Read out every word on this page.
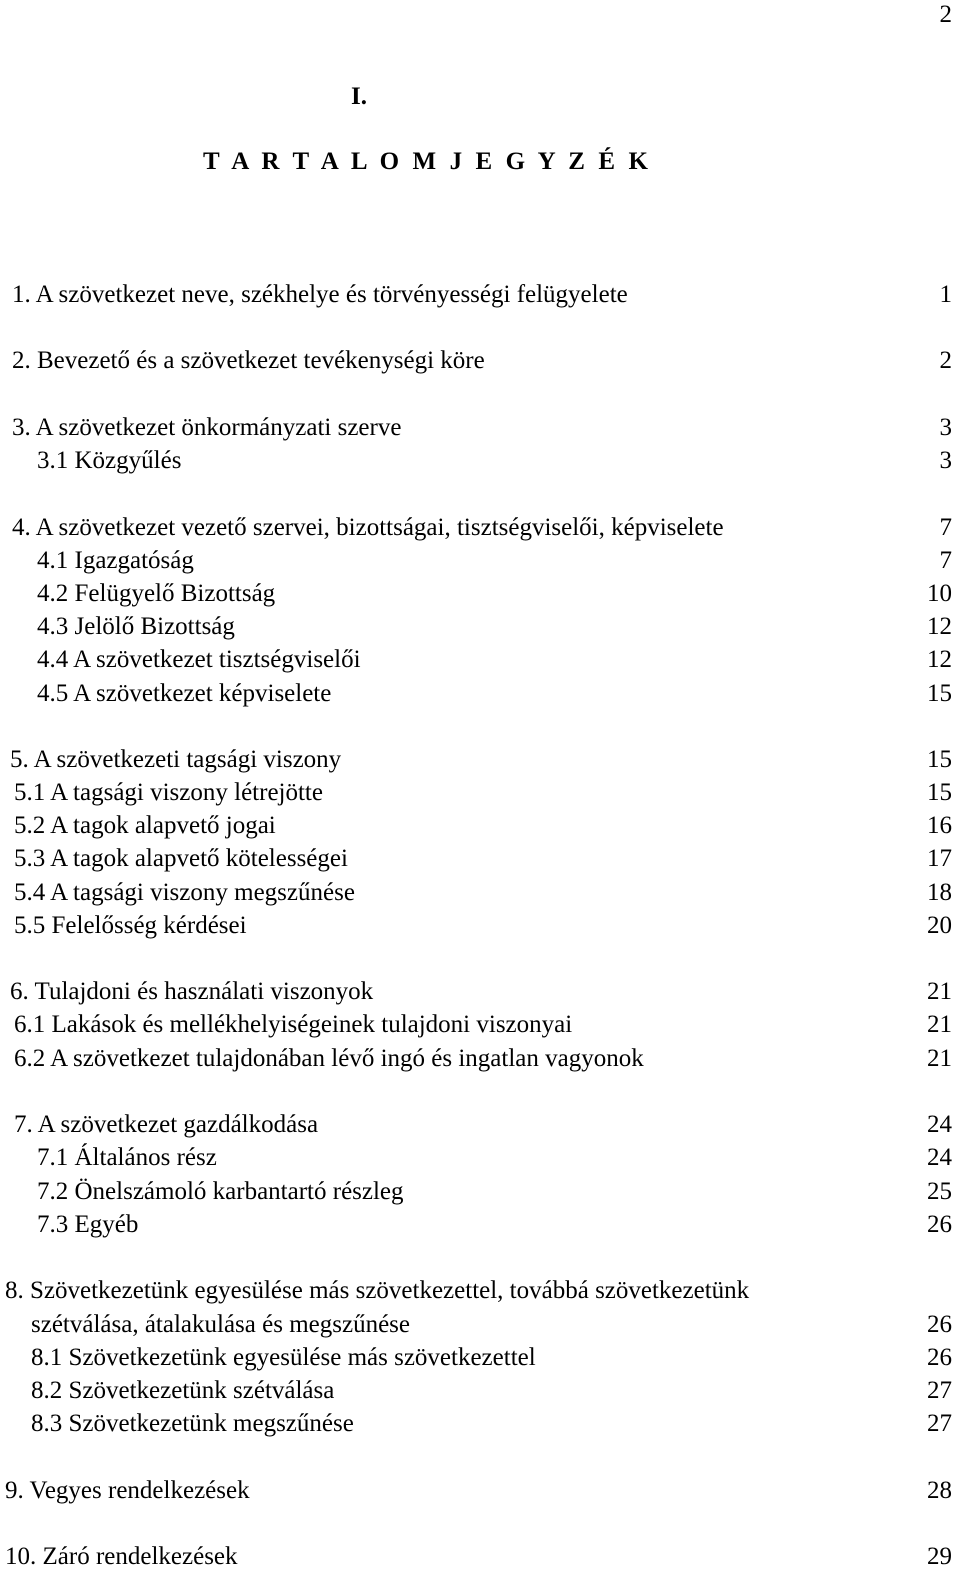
2
I.
T A R T A L O M J E G Y Z É K
1. A szövetkezet neve, székhelye és törvényességi felügyelete	1
2. Bevezető és a szövetkezet tevékenységi köre	2
3. A szövetkezet önkormányzati szerve	3
3.1 Közgyűlés	3
4. A szövetkezet vezető szervei, bizottságai, tisztségviselői, képviselete	7
4.1 Igazgatóság	7
4.2 Felügyelő Bizottság	10
4.3 Jelölő Bizottság	12
4.4 A szövetkezet tisztségviselői	12
4.5 A szövetkezet képviselete	15
5. A szövetkezeti tagsági viszony	15
5.1 A tagsági viszony létrejötte	15
5.2 A tagok alapvető jogai	16
5.3 A tagok alapvető kötelességei	17
5.4 A tagsági viszony megszűnése	18
5.5 Felelősség kérdései	20
6. Tulajdoni és használati viszonyok	21
6.1 Lakások és mellékhelyiségeinek tulajdoni viszonyai	21
6.2 A szövetkezet tulajdonában lévő ingó és ingatlan vagyonok	21
7. A szövetkezet gazdálkodása	24
7.1 Általános rész	24
7.2 Önelszámoló karbantartó részleg	25
7.3 Egyéb	26
8. Szövetkezetünk egyesülése más szövetkezettel, továbbá szövetkezetünk
szétválása, átalakulása és megszűnése	26
8.1 Szövetkezetünk egyesülése más szövetkezettel	26
8.2 Szövetkezetünk szétválása	27
8.3 Szövetkezetünk megszűnése	27
9. Vegyes rendelkezések	28
10. Záró rendelkezések	29
